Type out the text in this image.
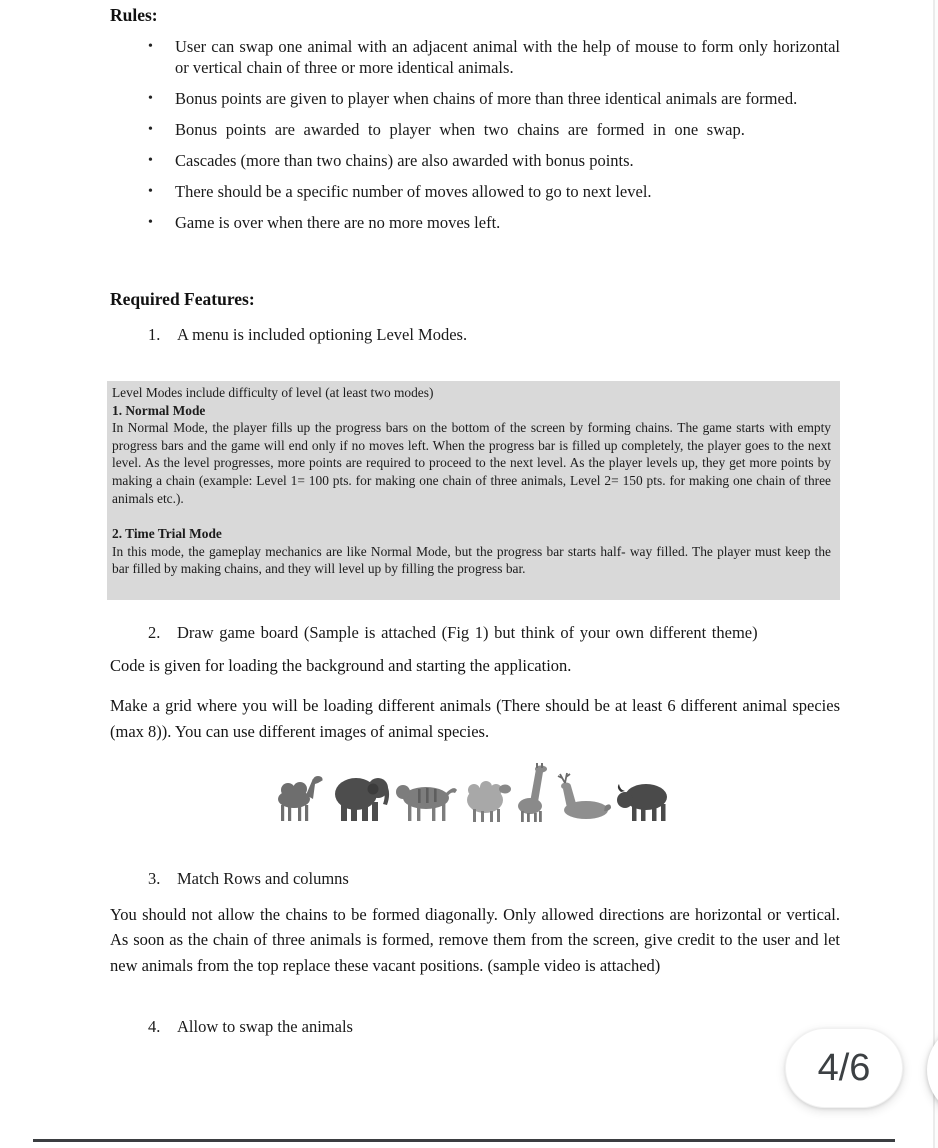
Rules:
•	User can swap one animal with an adjacent animal with the help of mouse to form only horizontal or vertical chain of three or more identical animals.
•	Bonus points are given to player when chains of more than three identical animals are formed.
•	Bonus points are awarded to player when two chains are formed in one swap.
•	Cascades (more than two chains) are also awarded with bonus points.
•	There should be a specific number of moves allowed to go to next level.
•	Game is over when there are no more moves left.
Required Features:
1.	A menu is included optioning Level Modes.
Level Modes include difficulty of level (at least two modes)
1. Normal Mode
In Normal Mode, the player fills up the progress bars on the bottom of the screen by forming chains. The game starts with empty progress bars and the game will end only if no moves left. When the progress bar is filled up completely, the player goes to the next level. As the level progresses, more points are required to proceed to the next level. As the player levels up, they get more points by making a chain (example: Level 1= 100 pts. for making one chain of three animals, Level 2= 150 pts. for making one chain of three animals etc.).
2. Time Trial Mode
In this mode, the gameplay mechanics are like Normal Mode, but the progress bar starts half- way filled. The player must keep the bar filled by making chains, and they will level up by filling the progress bar.
2.	Draw game board (Sample is attached (Fig 1) but think of your own different theme)
Code is given for loading the background and starting the application.
Make a grid where you will be loading different animals (There should be at least 6 different animal species (max 8)). You can use different images of animal species.
3.	Match Rows and columns
You should not allow the chains to be formed diagonally. Only allowed directions are horizontal or vertical. As soon as the chain of three animals is formed, remove them from the screen, give credit to the user and let new animals from the top replace these vacant positions. (sample video is attached)
4.	Allow to swap the animals
4/6
